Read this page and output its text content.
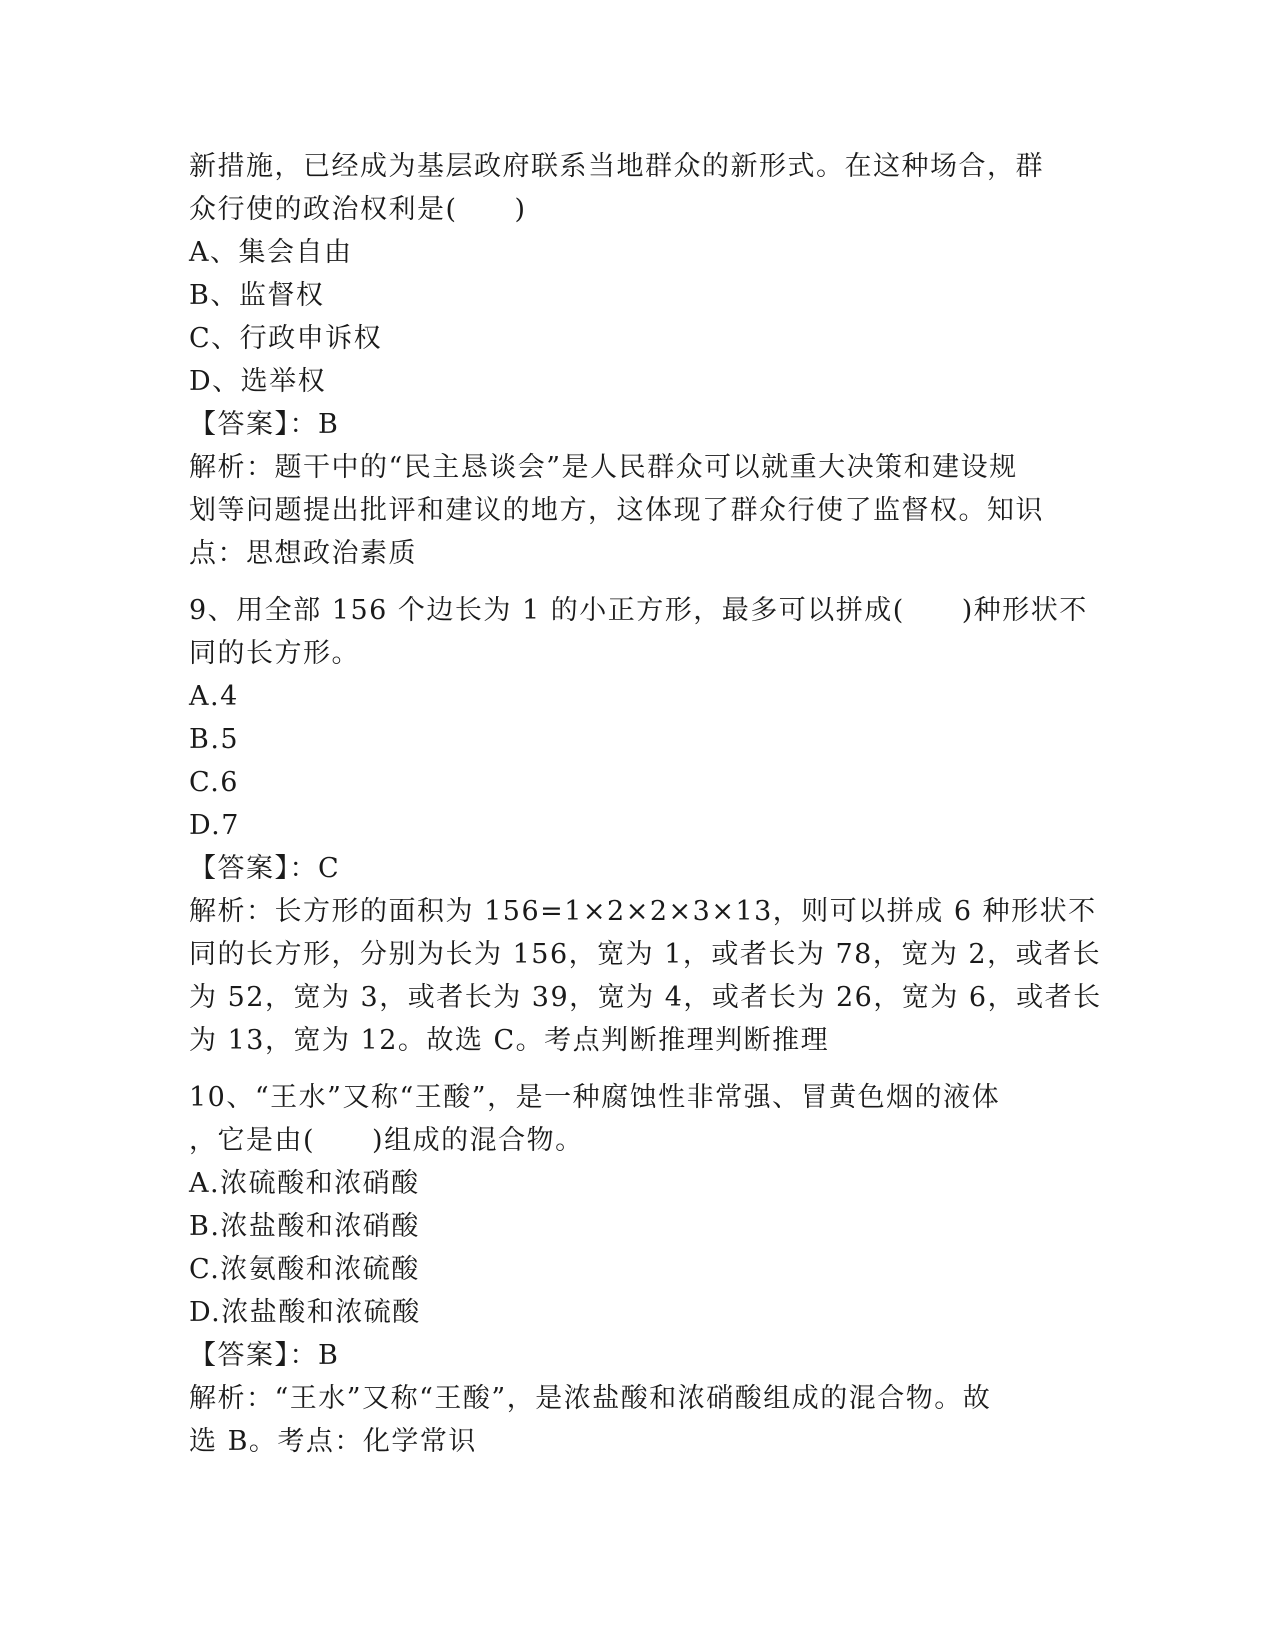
新措施，已经成为基层政府联系当地群众的新形式。在这种场合，群
众行使的政治权利是(　　)
A、集会自由
B、监督权
C、行政申诉权
D、选举权
【答案】：B
解析：题干中的“民主恳谈会”是人民群众可以就重大决策和建设规
划等问题提出批评和建议的地方，这体现了群众行使了监督权。知识
点：思想政治素质
9、用全部 156 个边长为 1 的小正方形，最多可以拼成(　　)种形状不
同的长方形。
A.4
B.5
C.6
D.7
【答案】：C
解析：长方形的面积为 156=1×2×2×3×13，则可以拼成 6 种形状不
同的长方形，分别为长为 156，宽为 1，或者长为 78，宽为 2，或者长
为 52，宽为 3，或者长为 39，宽为 4，或者长为 26，宽为 6，或者长
为 13，宽为 12。故选 C。考点判断推理判断推理
10、“王水”又称“王酸”，是一种腐蚀性非常强、冒黄色烟的液体
，它是由(　　)组成的混合物。
A.浓硫酸和浓硝酸
B.浓盐酸和浓硝酸
C.浓氨酸和浓硫酸
D.浓盐酸和浓硫酸
【答案】：B
解析：“王水”又称“王酸”，是浓盐酸和浓硝酸组成的混合物。故
选 B。考点：化学常识
